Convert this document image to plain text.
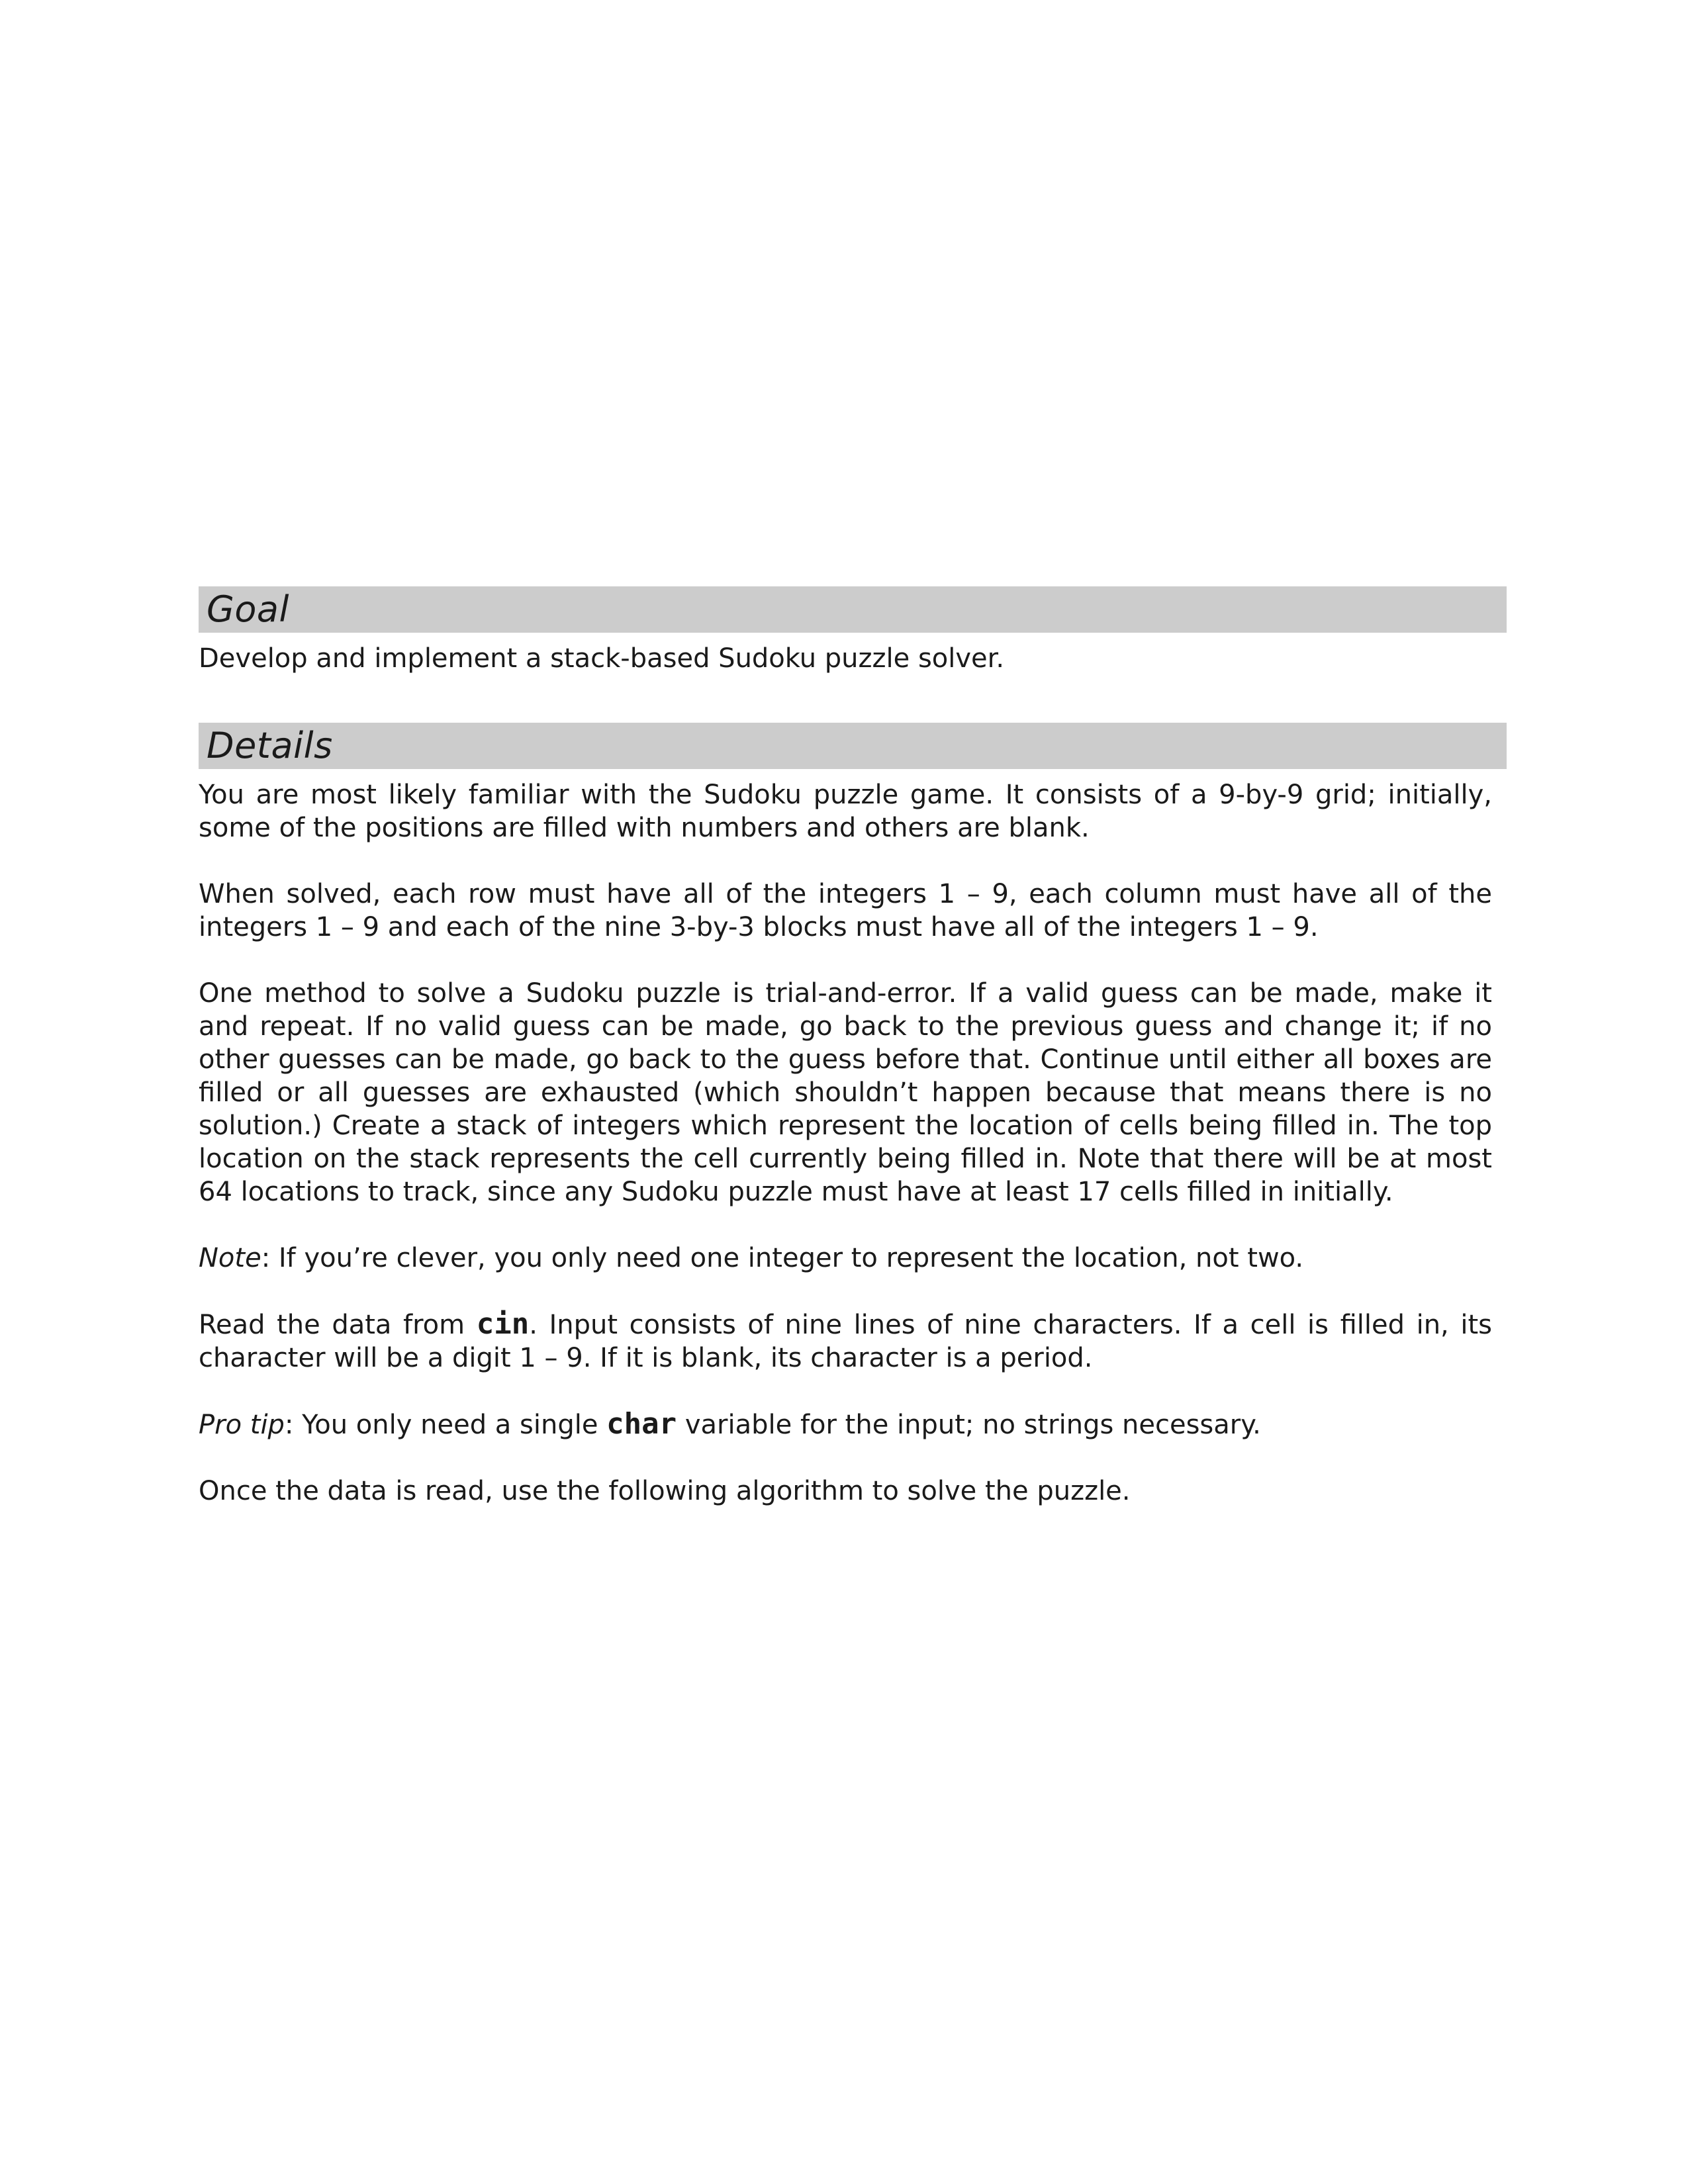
Goal

Develop and implement a stack-based Sudoku puzzle solver.

Details

You are most likely familiar with the Sudoku puzzle game. It consists of a 9-by-9 grid; initially, some of the positions are filled with numbers and others are blank.

When solved, each row must have all of the integers 1 – 9, each column must have all of the integers 1 – 9 and each of the nine 3-by-3 blocks must have all of the integers 1 – 9.

One method to solve a Sudoku puzzle is trial-and-error. If a valid guess can be made, make it and repeat. If no valid guess can be made, go back to the previous guess and change it; if no other guesses can be made, go back to the guess before that. Continue until either all boxes are filled or all guesses are exhausted (which shouldn’t happen because that means there is no solution.) Create a stack of integers which represent the location of cells being filled in. The top location on the stack represents the cell currently being filled in. Note that there will be at most 64 locations to track, since any Sudoku puzzle must have at least 17 cells filled in initially.

Note: If you’re clever, you only need one integer to represent the location, not two.

Read the data from cin. Input consists of nine lines of nine characters. If a cell is filled in, its character will be a digit 1 – 9. If it is blank, its character is a period.

Pro tip: You only need a single char variable for the input; no strings necessary.

Once the data is read, use the following algorithm to solve the puzzle.
